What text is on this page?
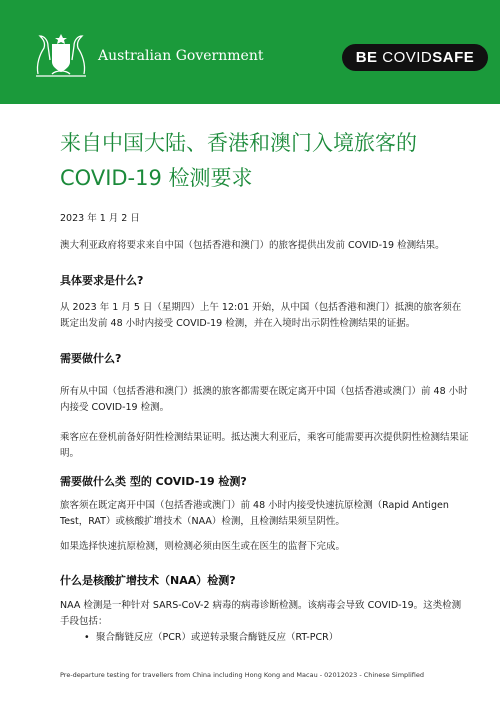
Australian Government	BE COVIDSAFE
来自中国大陆、香港和澳门入境旅客的
COVID-19 检测要求
2023 年 1 月 2 日
澳大利亚政府将要求来自中国（包括香港和澳门）的旅客提供出发前 COVID-19 检测结果。
具体要求是什么?
从 2023 年 1 月 5 日（星期四）上午 12:01 开始，从中国（包括香港和澳门）抵澳的旅客须在既定出发前 48 小时内接受 COVID-19 检测，并在入境时出示阴性检测结果的证据。
需要做什么?
所有从中国（包括香港和澳门）抵澳的旅客都需要在既定离开中国（包括香港或澳门）前 48 小时内接受 COVID-19 检测。
乘客应在登机前备好阴性检测结果证明。抵达澳大利亚后，乘客可能需要再次提供阴性检测结果证明。
需要做什么类 型的 COVID-19 检测?
旅客须在既定离开中国（包括香港或澳门）前 48 小时内接受快速抗原检测（Rapid Antigen Test，RAT）或核酸扩增技术（NAA）检测，且检测结果须呈阴性。
如果选择快速抗原检测，则检测必须由医生或在医生的监督下完成。
什么是核酸扩增技术（NAA）检测?
NAA 检测是一种针对 SARS-CoV-2 病毒的病毒诊断检测。该病毒会导致 COVID-19。这类检测手段包括：
• 聚合酶链反应（PCR）或逆转录聚合酶链反应（RT-PCR）
Pre-departure testing for travellers from China including Hong Kong and Macau - 02012023 - Chinese Simplified
